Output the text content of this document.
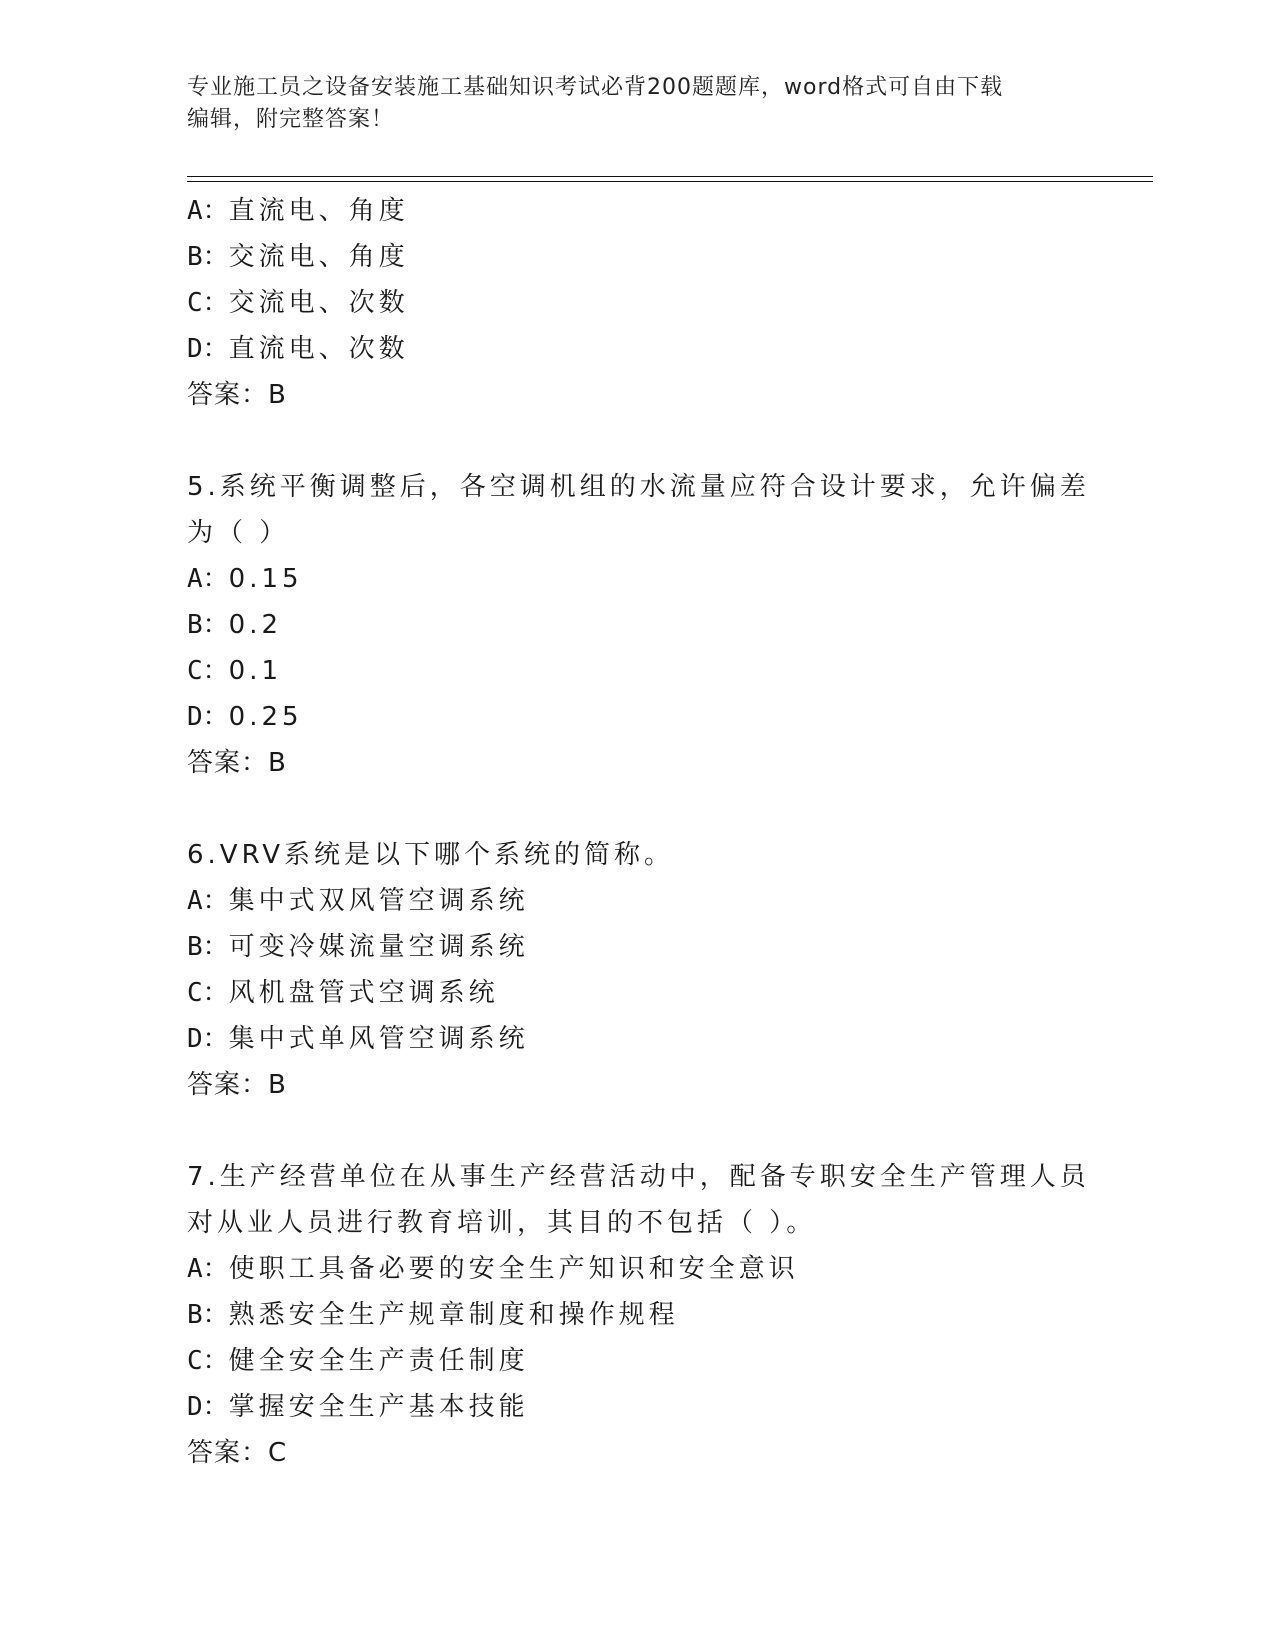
专业施工员之设备安装施工基础知识考试必背200题题库，word格式可自由下载
编辑，附完整答案！
A：直流电、角度
B：交流电、角度
C：交流电、次数
D：直流电、次数
答案：B
5.系统平衡调整后，各空调机组的水流量应符合设计要求，允许偏差
为（ ）
A：0.15
B：0.2
C：0.1
D：0.25
答案：B
6.VRV系统是以下哪个系统的简称。
A：集中式双风管空调系统
B：可变冷媒流量空调系统
C：风机盘管式空调系统
D：集中式单风管空调系统
答案：B
7.生产经营单位在从事生产经营活动中，配备专职安全生产管理人员
对从业人员进行教育培训，其目的不包括（ ）。
A：使职工具备必要的安全生产知识和安全意识
B：熟悉安全生产规章制度和操作规程
C：健全安全生产责任制度
D：掌握安全生产基本技能
答案：C
